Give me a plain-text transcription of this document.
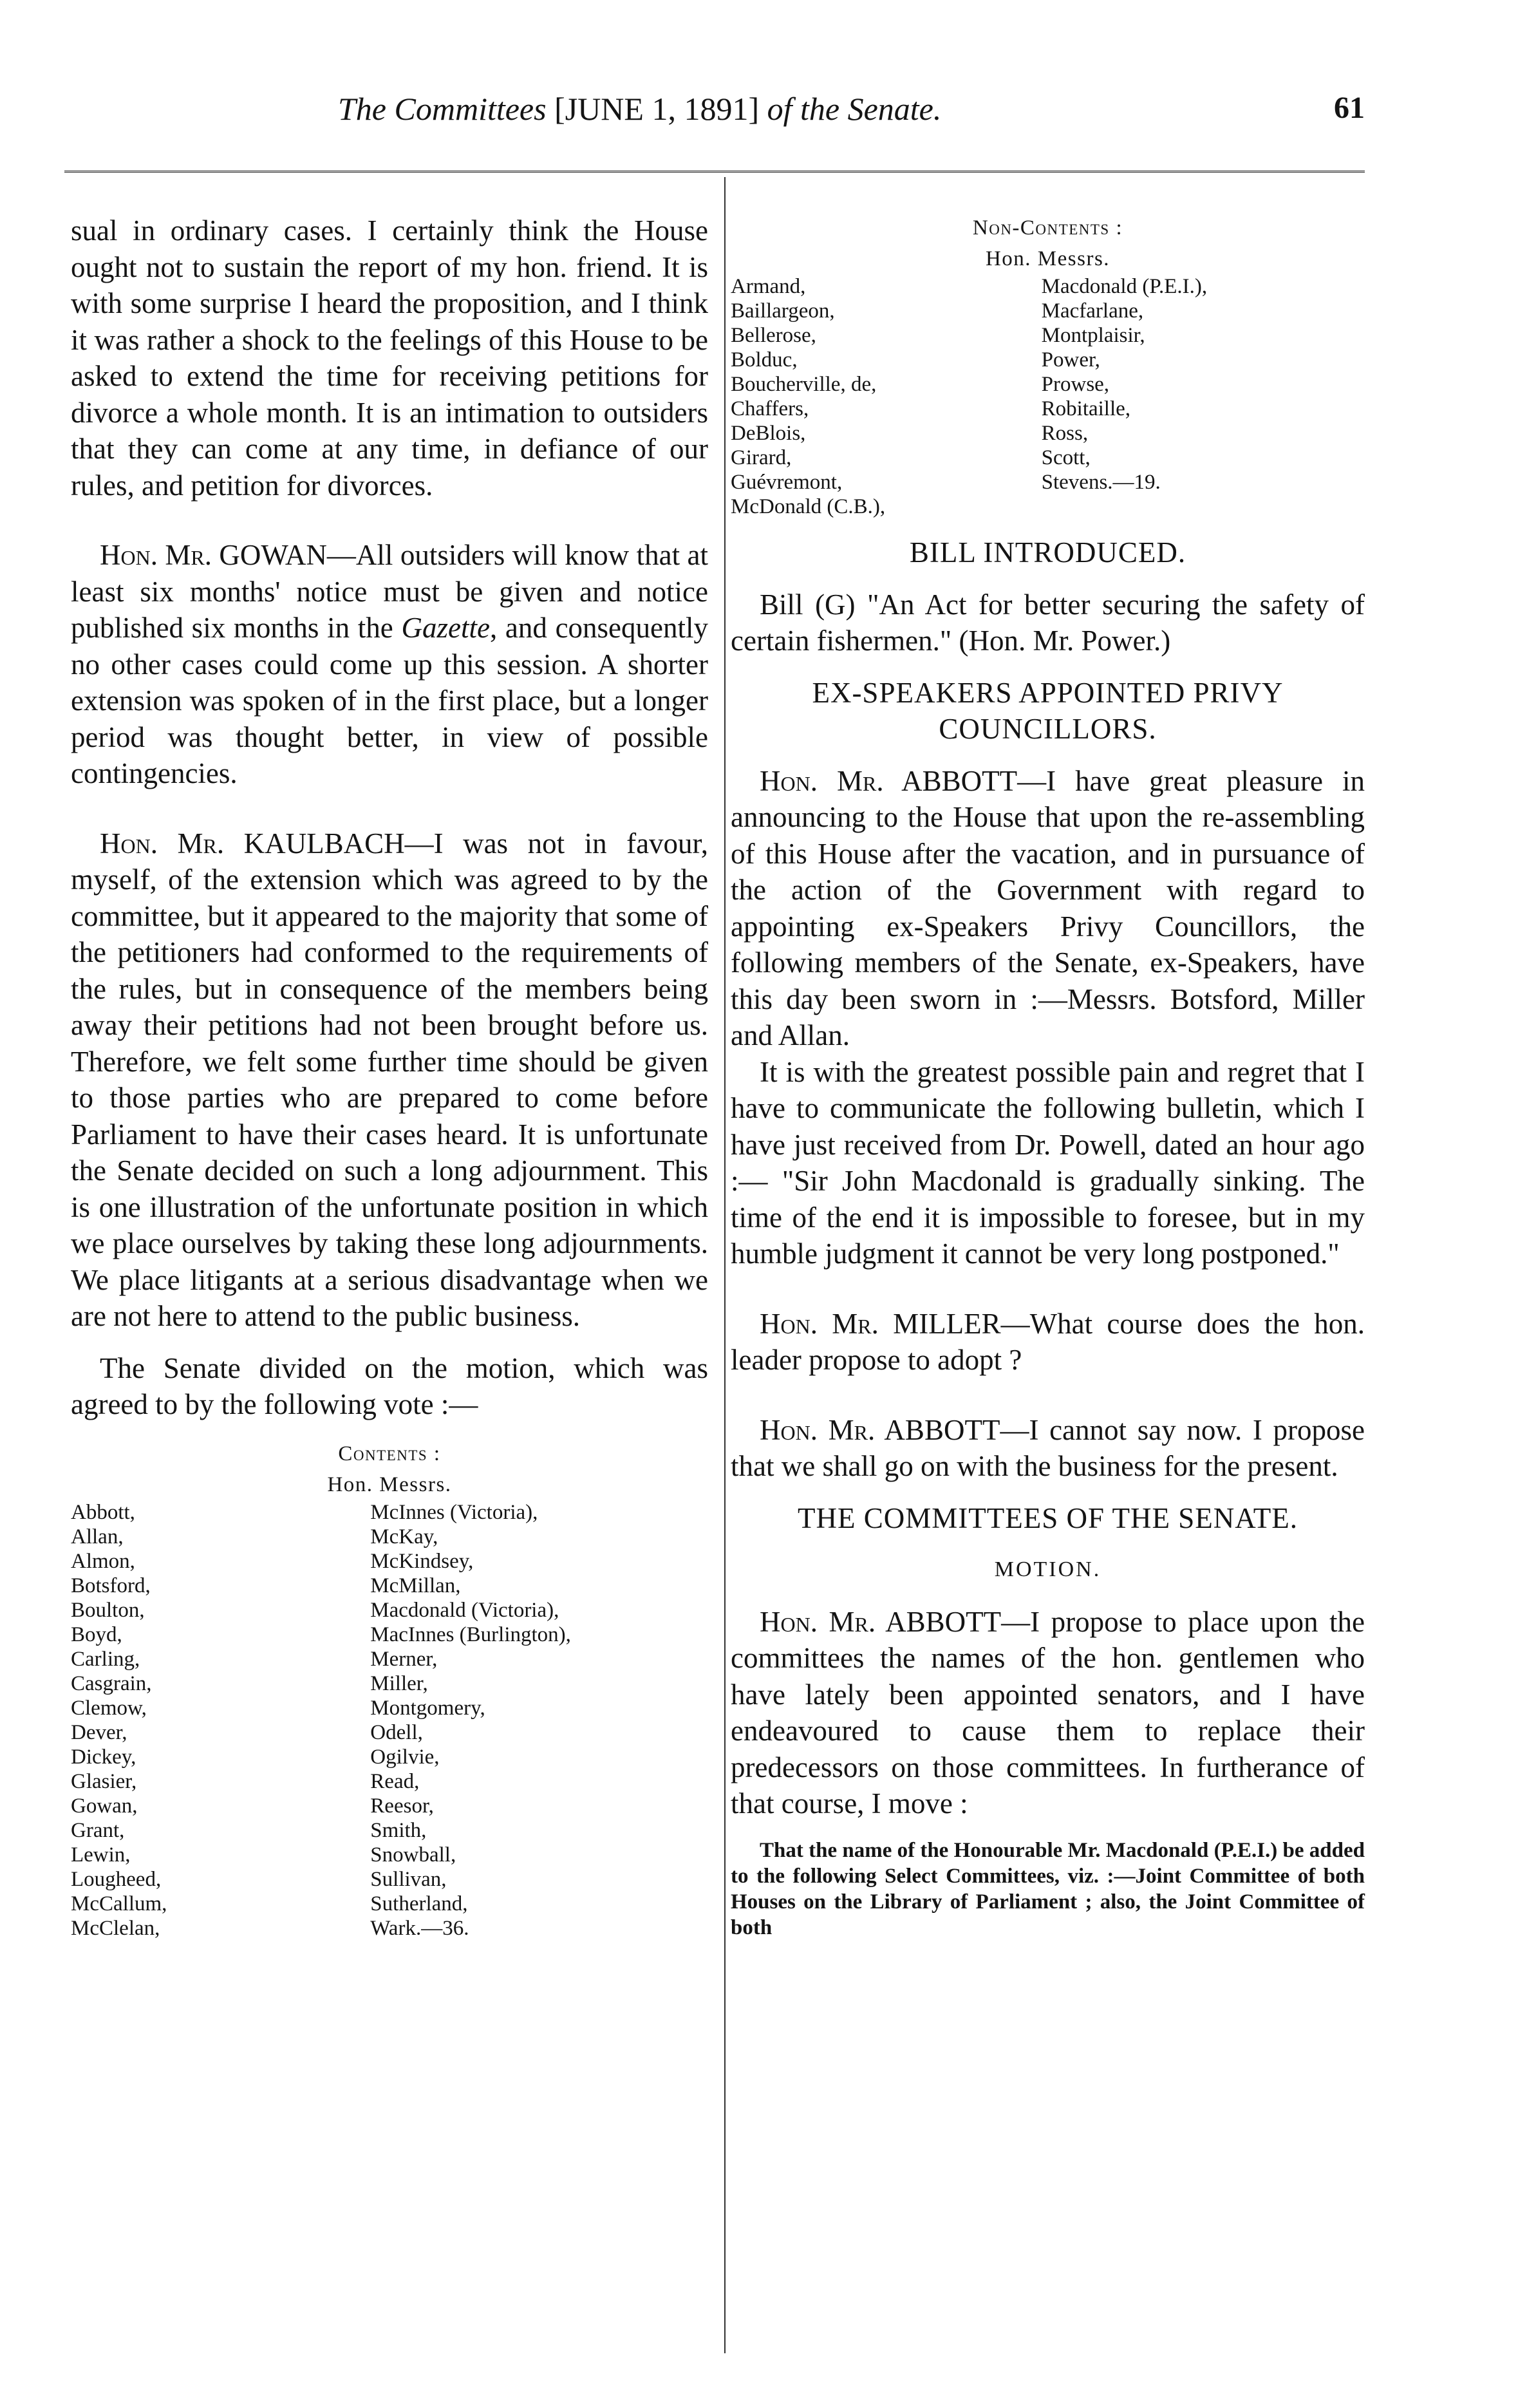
The Committees [JUNE 1, 1891] of the Senate.	61

sual in ordinary cases. I certainly think the House ought not to sustain the report of my hon. friend. It is with some surprise I heard the proposition, and I think it was rather a shock to the feelings of this House to be asked to extend the time for receiving petitions for divorce a whole month. It is an intimation to outsiders that they can come at any time, in defiance of our rules, and petition for divorces.

Hon. Mr. GOWAN—All outsiders will know that at least six months' notice must be given and notice published six months in the Gazette, and consequently no other cases could come up this session. A shorter extension was spoken of in the first place, but a longer period was thought better, in view of possible contingencies.

Hon. Mr. KAULBACH—I was not in favour, myself, of the extension which was agreed to by the committee, but it appeared to the majority that some of the petitioners had conformed to the requirements of the rules, but in consequence of the members being away their petitions had not been brought before us. Therefore, we felt some further time should be given to those parties who are prepared to come before Parliament to have their cases heard. It is unfortunate the Senate decided on such a long adjournment. This is one illustration of the unfortunate position in which we place ourselves by taking these long adjournments. We place litigants at a serious disadvantage when we are not here to attend to the public business.

The Senate divided on the motion, which was agreed to by the following vote :—

Contents :
Hon. Messrs.
Abbott,
Allan,
Almon,
Botsford,
Boulton,
Boyd,
Carling,
Casgrain,
Clemow,
Dever,
Dickey,
Glasier,
Gowan,
Grant,
Lewin,
Lougheed,
McCallum,
McClelan,
McInnes (Victoria),
McKay,
McKindsey,
McMillan,
Macdonald (Victoria),
MacInnes (Burlington),
Merner,
Miller,
Montgomery,
Odell,
Ogilvie,
Read,
Reesor,
Smith,
Snowball,
Sullivan,
Sutherland,
Wark.—36.
Non-Contents :
Hon. Messrs.
Armand,
Baillargeon,
Bellerose,
Bolduc,
Boucherville, de,
Chaffers,
DeBlois,
Girard,
Guévremont,
McDonald (C.B.),
Macdonald (P.E.I.),
Macfarlane,
Montplaisir,
Power,
Prowse,
Robitaille,
Ross,
Scott,
Stevens.—19.
BILL INTRODUCED.

Bill (G) "An Act for better securing the safety of certain fishermen." (Hon. Mr. Power.)

EX-SPEAKERS APPOINTED PRIVY COUNCILLORS.

Hon. Mr. ABBOTT—I have great pleasure in announcing to the House that upon the re-assembling of this House after the vacation, and in pursuance of the action of the Government with regard to appointing ex-Speakers Privy Councillors, the following members of the Senate, ex-Speakers, have this day been sworn in :—Messrs. Botsford, Miller and Allan.

It is with the greatest possible pain and regret that I have to communicate the following bulletin, which I have just received from Dr. Powell, dated an hour ago :— "Sir John Macdonald is gradually sinking. The time of the end it is impossible to foresee, but in my humble judgment it cannot be very long postponed."

Hon. Mr. MILLER—What course does the hon. leader propose to adopt ?

Hon. Mr. ABBOTT—I cannot say now. I propose that we shall go on with the business for the present.

THE COMMITTEES OF THE SENATE.
MOTION.

Hon. Mr. ABBOTT—I propose to place upon the committees the names of the hon. gentlemen who have lately been appointed senators, and I have endeavoured to cause them to replace their predecessors on those committees. In furtherance of that course, I move :

That the name of the Honourable Mr. Macdonald (P.E.I.) be added to the following Select Committees, viz. :—Joint Committee of both Houses on the Library of Parliament ; also, the Joint Committee of both
